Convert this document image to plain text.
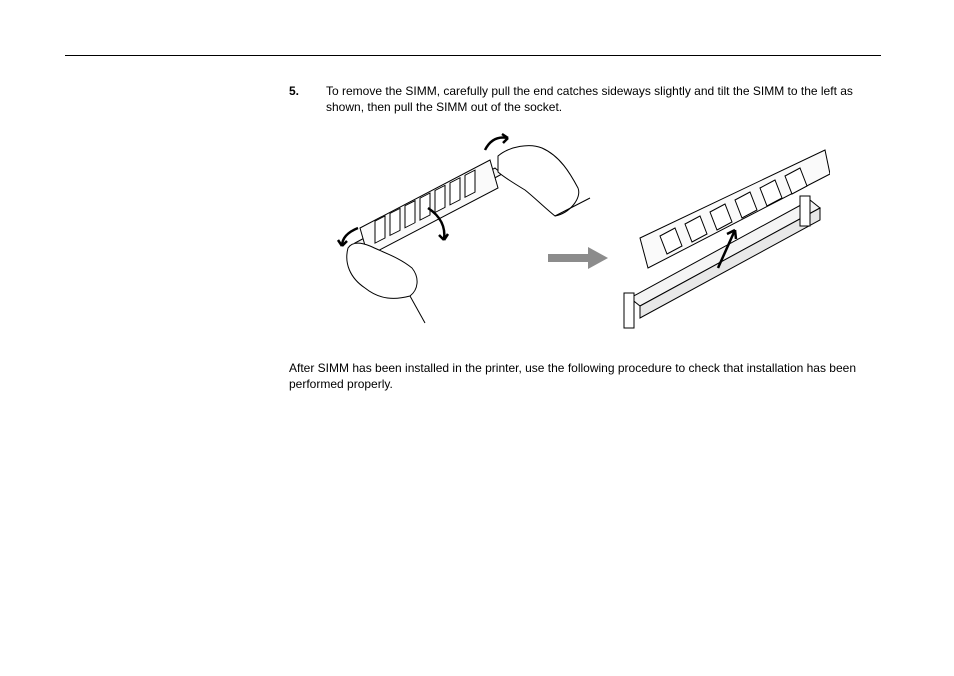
5. To remove the SIMM, carefully pull the end catches sideways slightly and tilt the SIMM to the left as shown, then pull the SIMM out of the socket.
After SIMM has been installed in the printer, use the following procedure to check that installation has been performed properly.
